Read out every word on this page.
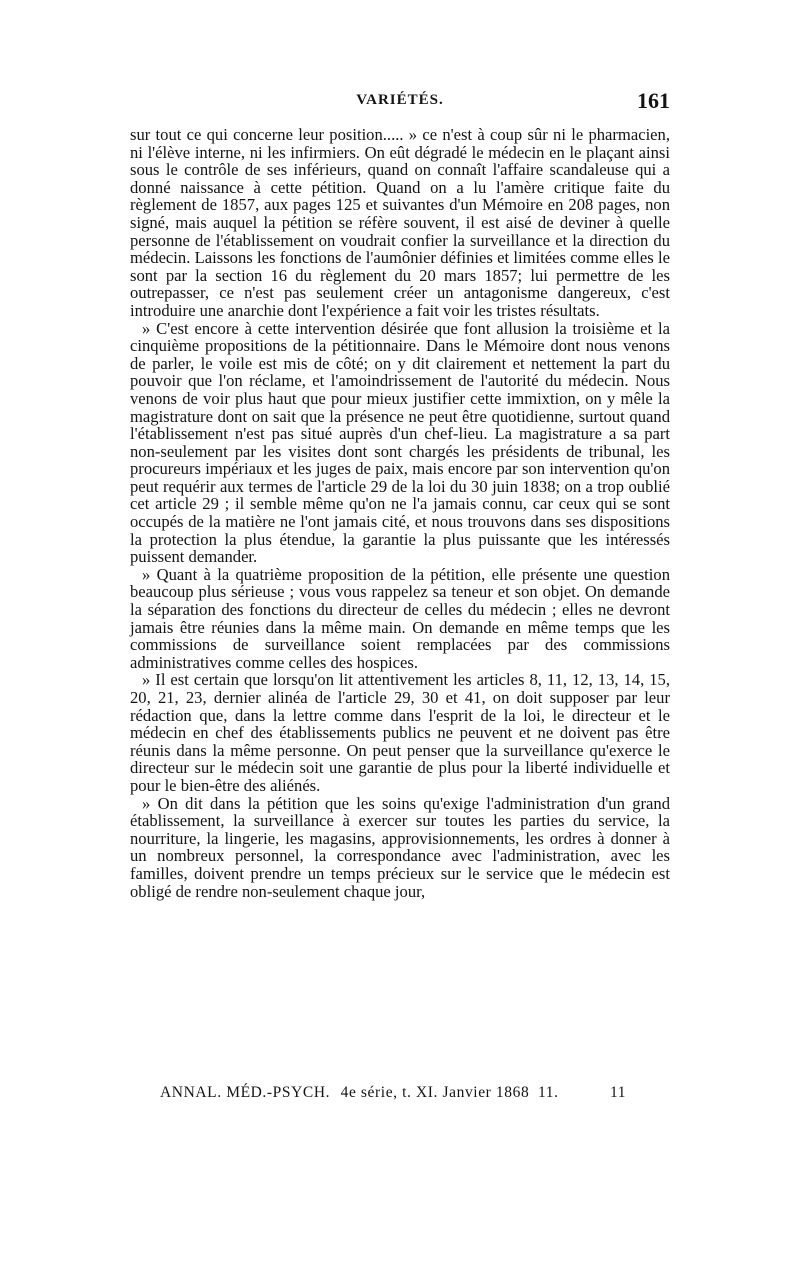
VARIÉTÉS.	161

sur tout ce qui concerne leur position..... » ce n'est à coup sûr ni le pharmacien, ni l'élève interne, ni les infirmiers. On eût dégradé le médecin en le plaçant ainsi sous le contrôle de ses inférieurs, quand on connaît l'affaire scandaleuse qui a donné naissance à cette pétition. Quand on a lu l'amère critique faite du règlement de 1857, aux pages 125 et suivantes d'un Mémoire en 208 pages, non signé, mais auquel la pétition se réfère souvent, il est aisé de deviner à quelle personne de l'établissement on voudrait confier la surveillance et la direction du médecin. Laissons les fonctions de l'aumônier définies et limitées comme elles le sont par la section 16 du règlement du 20 mars 1857; lui permettre de les outrepasser, ce n'est pas seulement créer un antagonisme dangereux, c'est introduire une anarchie dont l'expérience a fait voir les tristes résultats.

» C'est encore à cette intervention désirée que font allusion la troisième et la cinquième propositions de la pétitionnaire. Dans le Mémoire dont nous venons de parler, le voile est mis de côté; on y dit clairement et nettement la part du pouvoir que l'on réclame, et l'amoindrissement de l'autorité du médecin. Nous venons de voir plus haut que pour mieux justifier cette immixtion, on y mêle la magistrature dont on sait que la présence ne peut être quotidienne, surtout quand l'établissement n'est pas situé auprès d'un chef-lieu. La magistrature a sa part non-seulement par les visites dont sont chargés les présidents de tribunal, les procureurs impériaux et les juges de paix, mais encore par son intervention qu'on peut requérir aux termes de l'article 29 de la loi du 30 juin 1838; on a trop oublié cet article 29 ; il semble même qu'on ne l'a jamais connu, car ceux qui se sont occupés de la matière ne l'ont jamais cité, et nous trouvons dans ses dispositions la protection la plus étendue, la garantie la plus puissante que les intéressés puissent demander.

» Quant à la quatrième proposition de la pétition, elle présente une question beaucoup plus sérieuse ; vous vous rappelez sa teneur et son objet. On demande la séparation des fonctions du directeur de celles du médecin ; elles ne devront jamais être réunies dans la même main. On demande en même temps que les commissions de surveillance soient remplacées par des commissions administratives comme celles des hospices.

» Il est certain que lorsqu'on lit attentivement les articles 8, 11, 12, 13, 14, 15, 20, 21, 23, dernier alinéa de l'article 29, 30 et 41, on doit supposer par leur rédaction que, dans la lettre comme dans l'esprit de la loi, le directeur et le médecin en chef des établissements publics ne peuvent et ne doivent pas être réunis dans la même personne. On peut penser que la surveillance qu'exerce le directeur sur le médecin soit une garantie de plus pour la liberté individuelle et pour le bien-être des aliénés.

» On dit dans la pétition que les soins qu'exige l'administration d'un grand établissement, la surveillance à exercer sur toutes les parties du service, la nourriture, la lingerie, les magasins, approvisionnements, les ordres à donner à un nombreux personnel, la correspondance avec l'administration, avec les familles, doivent prendre un temps précieux sur le service que le médecin est obligé de rendre non-seulement chaque jour,

ANNAL. MÉD.-PSYCH. 4e série, t. XI. Janvier 1868 11.	11
